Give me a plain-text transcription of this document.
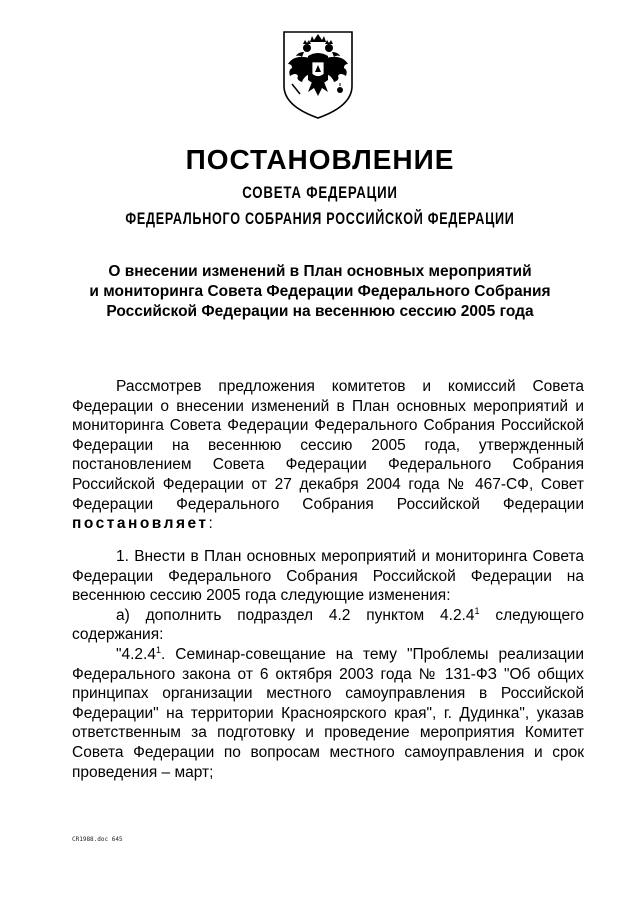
ПОСТАНОВЛЕНИЕ
СОВЕТА ФЕДЕРАЦИИ
ФЕДЕРАЛЬНОГО СОБРАНИЯ РОССИЙСКОЙ ФЕДЕРАЦИИ
О внесении изменений в План основных мероприятий
и мониторинга Совета Федерации Федерального Собрания
Российской Федерации на весеннюю сессию 2005 года
Рассмотрев предложения комитетов и комиссий Совета Федерации о внесении изменений в План основных мероприятий и мониторинга Совета Федерации Федерального Собрания Российской Федерации на весеннюю сессию 2005 года, утвержденный постановлением Совета Федерации Федерального Собрания Российской Федерации от 27 декабря 2004 года № 467-СФ, Совет Федерации Федерального Собрания Российской Федерации постановляет:
1. Внести в План основных мероприятий и мониторинга Совета Федерации Федерального Собрания Российской Федерации на весеннюю сессию 2005 года следующие изменения:
а) дополнить подраздел 4.2 пунктом 4.2.4$^1$ следующего содержания:
"4.2.4$^1$. Семинар-совещание на тему "Проблемы реализации Федерального закона от 6 октября 2003 года № 131-ФЗ "Об общих принципах организации местного самоуправления в Российской Федерации" на территории Красноярского края", г. Дудинка", указав ответственным за подготовку и проведение мероприятия Комитет Совета Федерации по вопросам местного самоуправления и срок проведения – март;
CR1988.doc 645
